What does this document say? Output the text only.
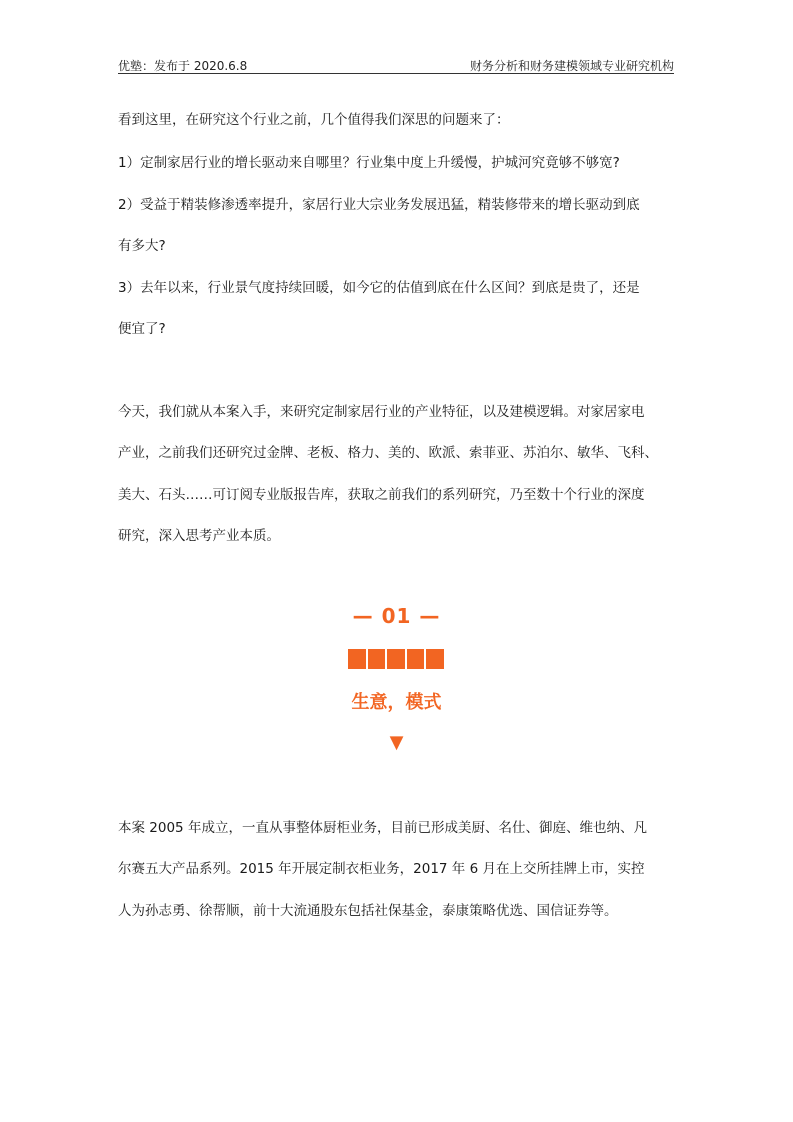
优塾：发布于 2020.6.8	财务分析和财务建模领域专业研究机构
看到这里，在研究这个行业之前，几个值得我们深思的问题来了：
1）定制家居行业的增长驱动来自哪里？行业集中度上升缓慢，护城河究竟够不够宽?
2）受益于精装修渗透率提升，家居行业大宗业务发展迅猛，精装修带来的增长驱动到底
有多大?
3）去年以来，行业景气度持续回暖，如今它的估值到底在什么区间？到底是贵了，还是
便宜了?
今天，我们就从本案入手，来研究定制家居行业的产业特征，以及建模逻辑。对家居家电
产业，之前我们还研究过金牌、老板、格力、美的、欧派、索菲亚、苏泊尔、敏华、飞科、
美大、石头……可订阅专业版报告库，获取之前我们的系列研究，乃至数十个行业的深度
研究，深入思考产业本质。
— 01 —
生意，模式
▼
本案 2005 年成立，一直从事整体厨柜业务，目前已形成美厨、名仕、御庭、维也纳、凡
尔赛五大产品系列。2015 年开展定制衣柜业务，2017 年 6 月在上交所挂牌上市，实控
人为孙志勇、徐帮顺，前十大流通股东包括社保基金，泰康策略优选、国信证券等。
